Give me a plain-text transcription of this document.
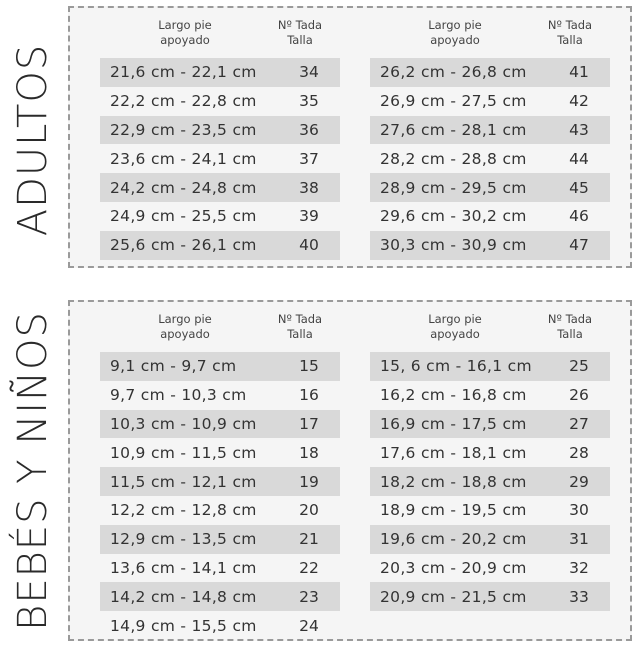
ADULTOS
BEBÉS Y NIÑOS
Largo pie
apoyado
Nº Tada
Talla
21,6 cm - 22,1 cm	34
22,2 cm - 22,8 cm	35
22,9 cm - 23,5 cm	36
23,6 cm - 24,1 cm	37
24,2 cm - 24,8 cm	38
24,9 cm - 25,5 cm	39
25,6 cm - 26,1 cm	40
Largo pie
apoyado
Nº Tada
Talla
26,2 cm - 26,8 cm	41
26,9 cm - 27,5 cm	42
27,6 cm - 28,1 cm	43
28,2 cm - 28,8 cm	44
28,9 cm - 29,5 cm	45
29,6 cm - 30,2 cm	46
30,3 cm - 30,9 cm	47
Largo pie
apoyado
Nº Tada
Talla
9,1 cm - 9,7 cm	15
9,7 cm - 10,3 cm	16
10,3 cm - 10,9 cm	17
10,9 cm - 11,5 cm	18
11,5 cm - 12,1 cm	19
12,2 cm - 12,8 cm	20
12,9 cm - 13,5 cm	21
13,6 cm - 14,1 cm	22
14,2 cm - 14,8 cm	23
14,9 cm - 15,5 cm	24
Largo pie
apoyado
Nº Tada
Talla
15, 6 cm - 16,1 cm	25
16,2 cm - 16,8 cm	26
16,9 cm - 17,5 cm	27
17,6 cm - 18,1 cm	28
18,2 cm - 18,8 cm	29
18,9 cm - 19,5 cm	30
19,6 cm - 20,2 cm	31
20,3 cm - 20,9 cm	32
20,9 cm - 21,5 cm	33
